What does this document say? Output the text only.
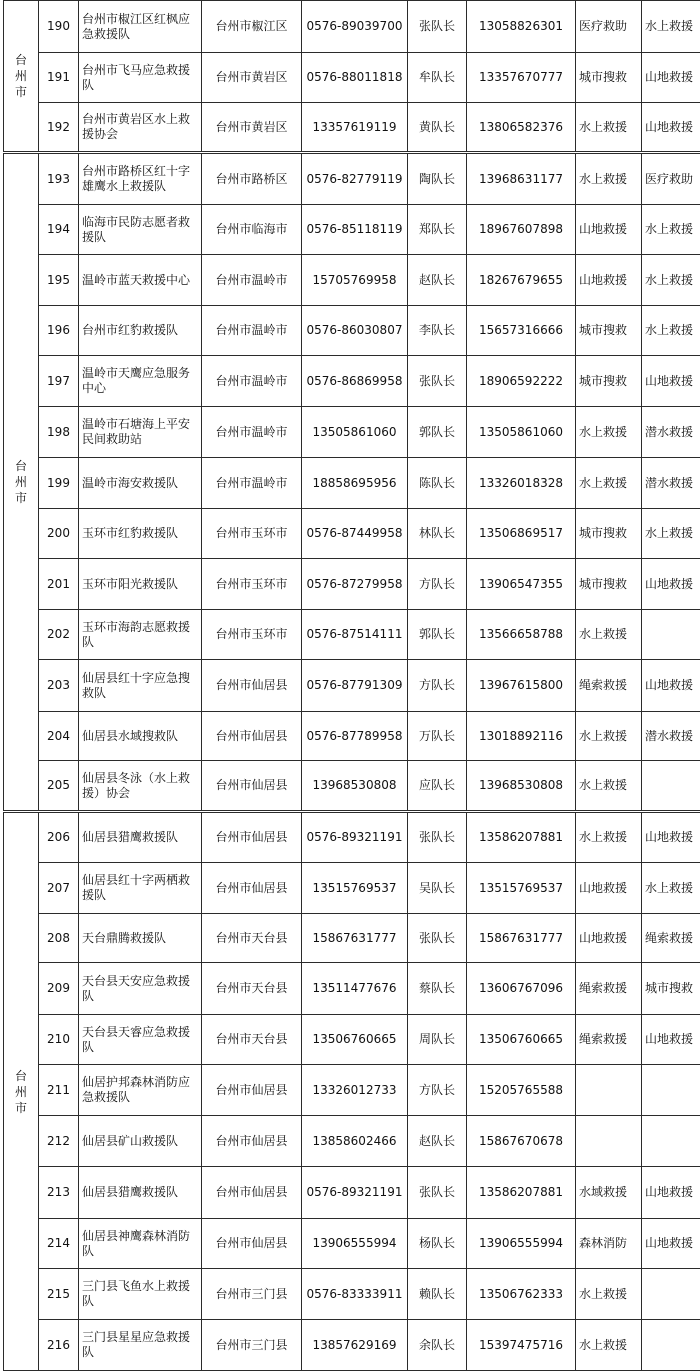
台州市	190	台州市椒江区红枫应急救援队	台州市椒江区	0576-89039700	张队长	13058826301	医疗救助	水上救援
	191	台州市飞马应急救援队	台州市黄岩区	0576-88011818	牟队长	13357670777	城市搜救	山地救援
	192	台州市黄岩区水上救援协会	台州市黄岩区	13357619119	黄队长	13806582376	水上救援	山地救援
台州市	193	台州市路桥区红十字雄鹰水上救援队	台州市路桥区	0576-82779119	陶队长	13968631177	水上救援	医疗救助
	194	临海市民防志愿者救援队	台州市临海市	0576-85118119	郑队长	18967607898	山地救援	水上救援
	195	温岭市蓝天救援中心	台州市温岭市	15705769958	赵队长	18267679655	山地救援	水上救援
	196	台州市红豹救援队	台州市温岭市	0576-86030807	李队长	15657316666	城市搜救	水上救援
	197	温岭市天鹰应急服务中心	台州市温岭市	0576-86869958	张队长	18906592222	城市搜救	山地救援
	198	温岭市石塘海上平安民间救助站	台州市温岭市	13505861060	郭队长	13505861060	水上救援	潜水救援
	199	温岭市海安救援队	台州市温岭市	18858695956	陈队长	13326018328	水上救援	潜水救援
	200	玉环市红豹救援队	台州市玉环市	0576-87449958	林队长	13506869517	城市搜救	水上救援
	201	玉环市阳光救援队	台州市玉环市	0576-87279958	方队长	13906547355	城市搜救	山地救援
	202	玉环市海韵志愿救援队	台州市玉环市	0576-87514111	郭队长	13566658788	水上救援	
	203	仙居县红十字应急搜救队	台州市仙居县	0576-87791309	方队长	13967615800	绳索救援	山地救援
	204	仙居县水域搜救队	台州市仙居县	0576-87789958	万队长	13018892116	水上救援	潜水救援
	205	仙居县冬泳（水上救援）协会	台州市仙居县	13968530808	应队长	13968530808	水上救援	
台州市	206	仙居县猎鹰救援队	台州市仙居县	0576-89321191	张队长	13586207881	水上救援	山地救援
	207	仙居县红十字两栖救援队	台州市仙居县	13515769537	吴队长	13515769537	山地救援	水上救援
	208	天台鼎腾救援队	台州市天台县	15867631777	张队长	15867631777	山地救援	绳索救援
	209	天台县天安应急救援队	台州市天台县	13511477676	蔡队长	13606767096	绳索救援	城市搜救
	210	天台县天睿应急救援队	台州市天台县	13506760665	周队长	13506760665	绳索救援	山地救援
	211	仙居护邦森林消防应急救援队	台州市仙居县	13326012733	方队长	15205765588		
	212	仙居县矿山救援队	台州市仙居县	13858602466	赵队长	15867670678		
	213	仙居县猎鹰救援队	台州市仙居县	0576-89321191	张队长	13586207881	水域救援	山地救援
	214	仙居县神鹰森林消防队	台州市仙居县	13906555994	杨队长	13906555994	森林消防	山地救援
	215	三门县飞鱼水上救援队	台州市三门县	0576-83333911	赖队长	13506762333	水上救援	
	216	三门县星星应急救援队	台州市三门县	13857629169	余队长	15397475716	水上救援	
